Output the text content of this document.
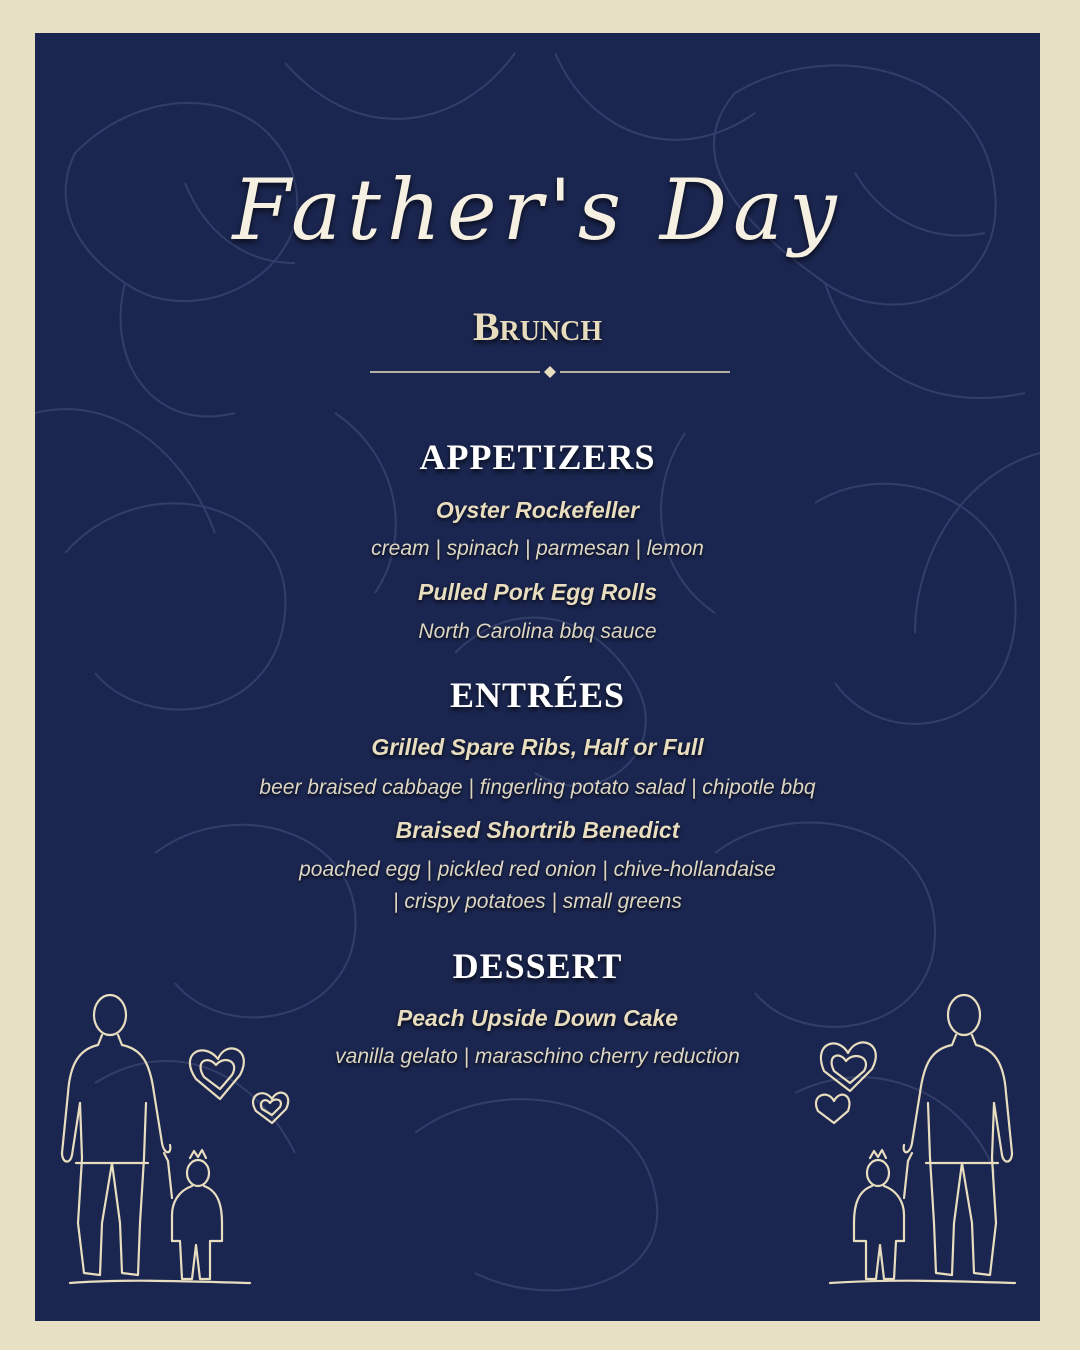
Father's Day
Brunch
APPETIZERS
Oyster Rockefeller
cream | spinach | parmesan | lemon
Pulled Pork Egg Rolls
North Carolina bbq sauce
ENTRÉES
Grilled Spare Ribs, Half or Full
beer braised cabbage | fingerling potato salad | chipotle bbq
Braised Shortrib Benedict
poached egg | pickled red onion | chive-hollandaise
| crispy potatoes | small greens
DESSERT
Peach Upside Down Cake
vanilla gelato | maraschino cherry reduction
